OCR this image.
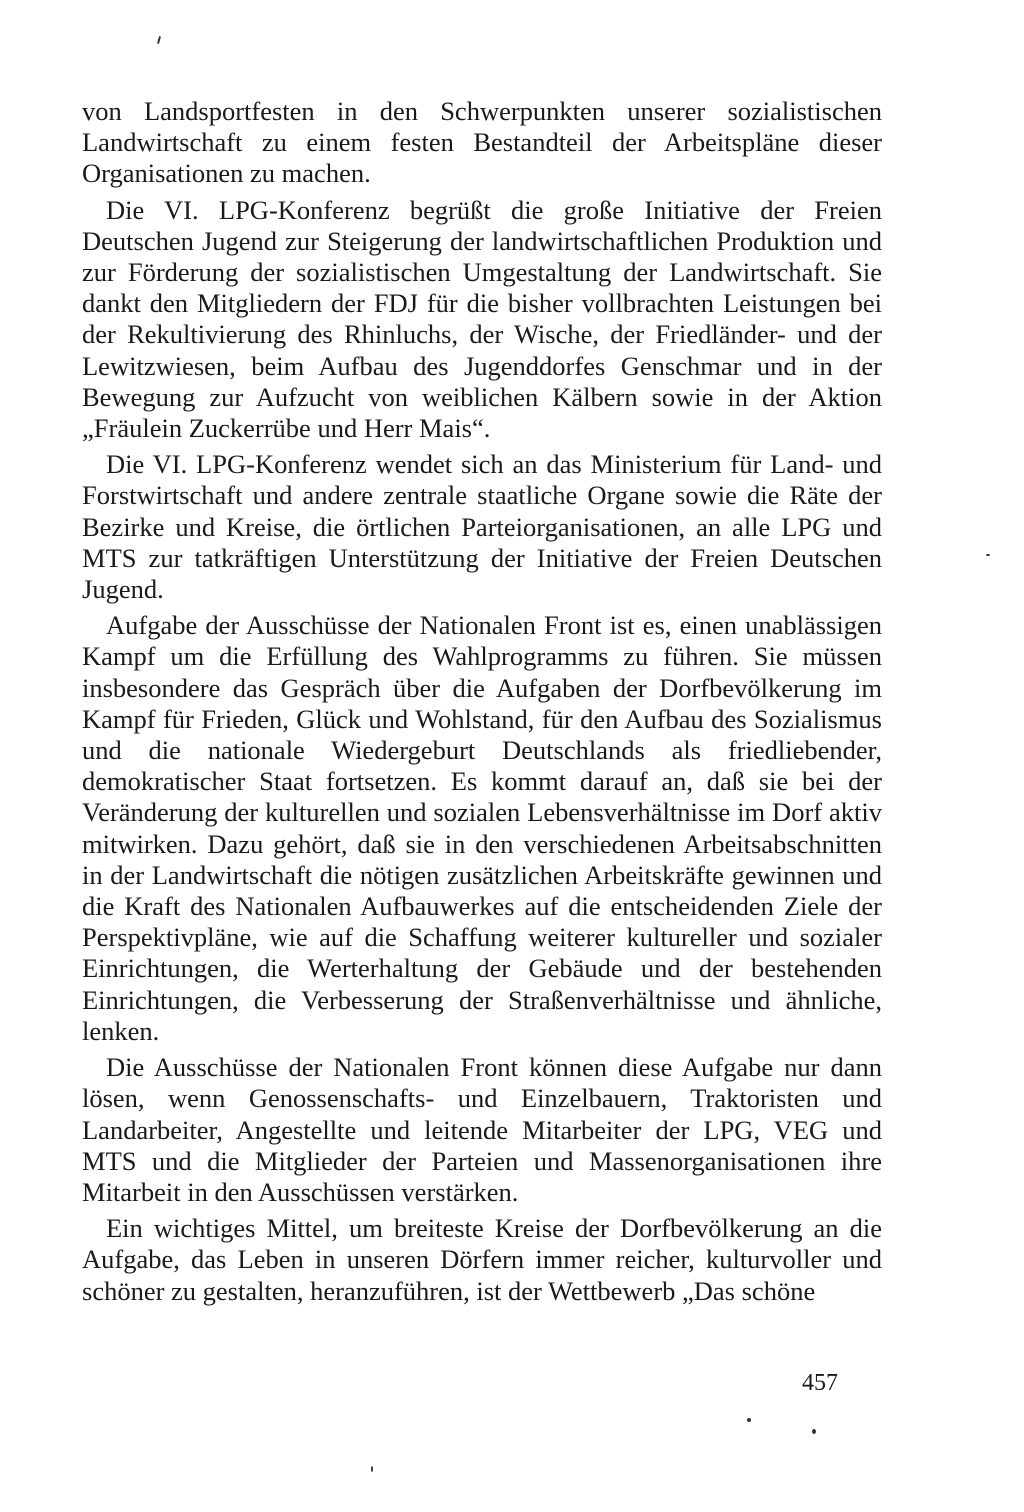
von Landsportfesten in den Schwerpunkten unserer sozialistischen Landwirtschaft zu einem festen Bestandteil der Arbeitspläne dieser Organisationen zu machen.

Die VI. LPG-Konferenz begrüßt die große Initiative der Freien Deutschen Jugend zur Steigerung der landwirtschaftlichen Produktion und zur Förderung der sozialistischen Umgestaltung der Landwirtschaft. Sie dankt den Mitgliedern der FDJ für die bisher vollbrachten Leistungen bei der Rekultivierung des Rhinluchs, der Wische, der Friedländer- und der Lewitzwiesen, beim Aufbau des Jugenddorfes Genschmar und in der Bewegung zur Aufzucht von weiblichen Kälbern sowie in der Aktion „Fräulein Zuckerrübe und Herr Mais“.

Die VI. LPG-Konferenz wendet sich an das Ministerium für Land- und Forstwirtschaft und andere zentrale staatliche Organe sowie die Räte der Bezirke und Kreise, die örtlichen Parteiorganisationen, an alle LPG und MTS zur tatkräftigen Unterstützung der Initiative der Freien Deutschen Jugend.

Aufgabe der Ausschüsse der Nationalen Front ist es, einen unablässigen Kampf um die Erfüllung des Wahlprogramms zu führen. Sie müssen insbesondere das Gespräch über die Aufgaben der Dorfbevölkerung im Kampf für Frieden, Glück und Wohlstand, für den Aufbau des Sozialismus und die nationale Wiedergeburt Deutschlands als friedliebender, demokratischer Staat fortsetzen. Es kommt darauf an, daß sie bei der Veränderung der kulturellen und sozialen Lebensverhältnisse im Dorf aktiv mitwirken. Dazu gehört, daß sie in den verschiedenen Arbeitsabschnitten in der Landwirtschaft die nötigen zusätzlichen Arbeitskräfte gewinnen und die Kraft des Nationalen Aufbauwerkes auf die entscheidenden Ziele der Perspektivpläne, wie auf die Schaffung weiterer kultureller und sozialer Einrichtungen, die Werterhaltung der Gebäude und der bestehenden Einrichtungen, die Verbesserung der Straßenverhältnisse und ähnliche, lenken.

Die Ausschüsse der Nationalen Front können diese Aufgabe nur dann lösen, wenn Genossenschafts- und Einzelbauern, Traktoristen und Landarbeiter, Angestellte und leitende Mitarbeiter der LPG, VEG und MTS und die Mitglieder der Parteien und Massenorganisationen ihre Mitarbeit in den Ausschüssen verstärken.

Ein wichtiges Mittel, um breiteste Kreise der Dorfbevölkerung an die Aufgabe, das Leben in unseren Dörfern immer reicher, kulturvoller und schöner zu gestalten, heranzuführen, ist der Wettbewerb „Das schöne

457
